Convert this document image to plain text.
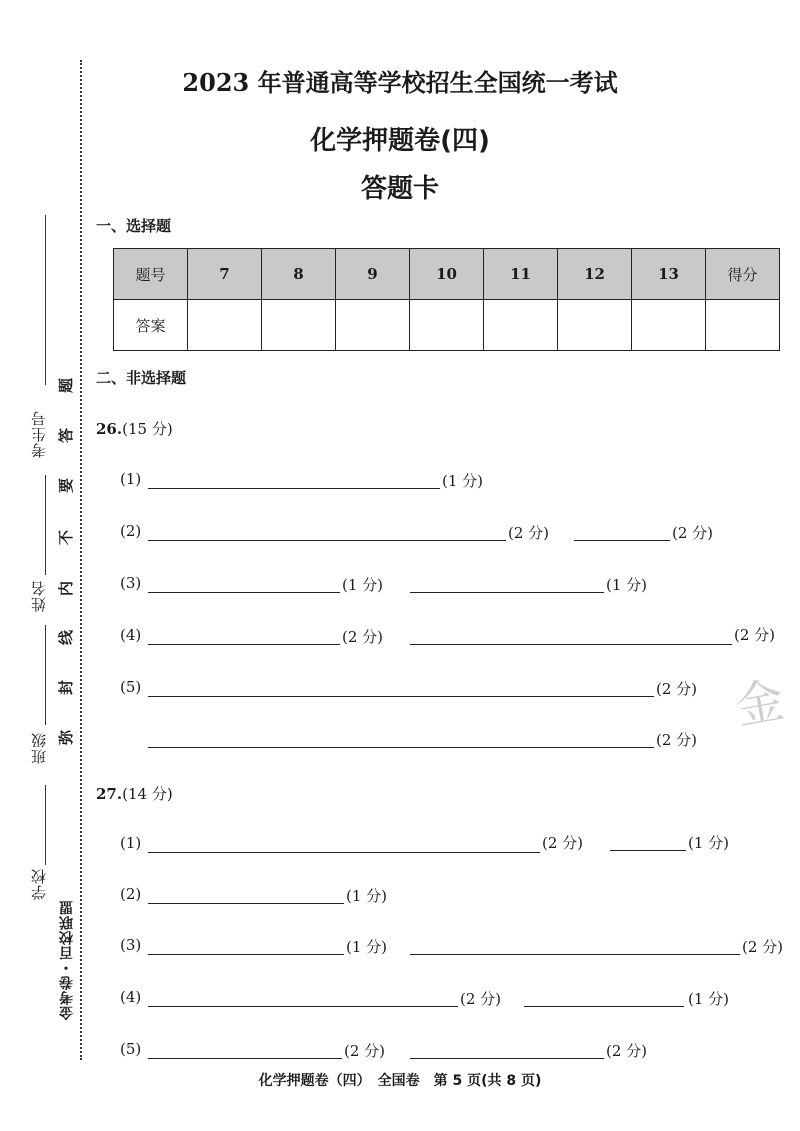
考生号
姓名
班级
学校
题
答
要
不
内
线
封
弥
金考卷・百校联盟
2023 年普通高等学校招生全国统一考试
化学押题卷(四)
答题卡
一、选择题
题号	7	8	9	10	11	12	13	得分
答案								
二、非选择题
26.(15 分)
(1)	(1 分)
(2)	(2 分)	(2 分)
(3)	(1 分)	(1 分)
(4)	(2 分)	(2 分)
(5)	(2 分)
(2 分)
金
27.(14 分)
(1)	(2 分)	(1 分)
(2)	(1 分)
(3)	(1 分)	(2 分)
(4)	(2 分)	(1 分)
(5)	(2 分)	(2 分)
化学押题卷（四）　全国卷　第 5 页(共 8 页)
